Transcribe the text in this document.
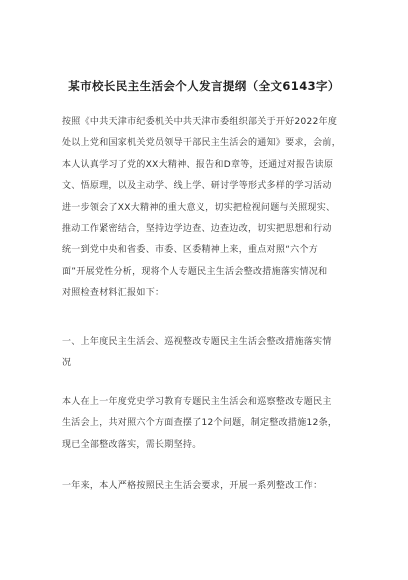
某市校长民主生活会个人发言提纲（全文6143字）
按照《中共天津市纪委机关中共天津市委组织部关于开好2022年度
处以上党和国家机关党员领导干部民主生活会的通知》要求，会前，
本人认真学习了党的XX大精神、报告和D章等，还通过对报告读原
文、悟原理，以及主动学、线上学、研讨学等形式多样的学习活动
进一步领会了XX大精神的重大意义，切实把检视问题与关照现实、
推动工作紧密结合，坚持边学边查、边查边改，切实把思想和行动
统一到党中央和省委、市委、区委精神上来，重点对照“六个方
面”开展党性分析，现将个人专题民主生活会整改措施落实情况和
对照检查材料汇报如下：
一、上年度民主生活会、巡视整改专题民主生活会整改措施落实情
况
本人在上一年度党史学习教育专题民主生活会和巡察整改专题民主
生活会上，共对照六个方面查摆了12个问题，制定整改措施12条，
现已全部整改落实，需长期坚持。
一年来，本人严格按照民主生活会要求，开展一系列整改工作：
